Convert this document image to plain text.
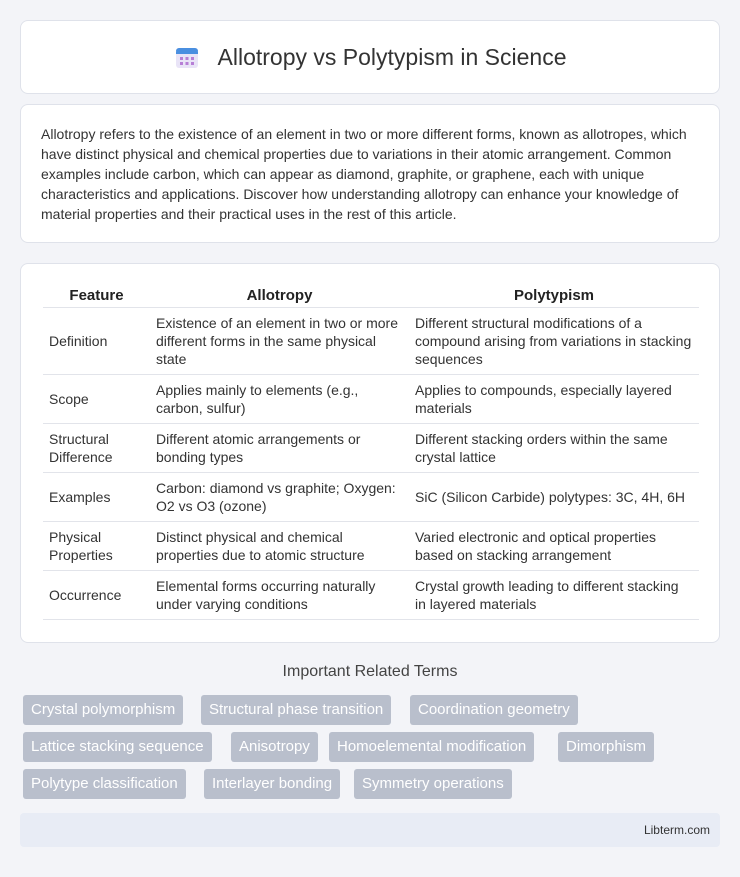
Allotropy vs Polytypism in Science

Allotropy refers to the existence of an element in two or more different forms, known as allotropes, which have distinct physical and chemical properties due to variations in their atomic arrangement. Common examples include carbon, which can appear as diamond, graphite, or graphene, each with unique characteristics and applications. Discover how understanding allotropy can enhance your knowledge of material properties and their practical uses in the rest of this article.

Feature	Allotropy	Polytypism
Definition	Existence of an element in two or more different forms in the same physical state	Different structural modifications of a compound arising from variations in stacking sequences
Scope	Applies mainly to elements (e.g., carbon, sulfur)	Applies to compounds, especially layered materials
Structural Difference	Different atomic arrangements or bonding types	Different stacking orders within the same crystal lattice
Examples	Carbon: diamond vs graphite; Oxygen: O2 vs O3 (ozone)	SiC (Silicon Carbide) polytypes: 3C, 4H, 6H
Physical Properties	Distinct physical and chemical properties due to atomic structure	Varied electronic and optical properties based on stacking arrangement
Occurrence	Elemental forms occurring naturally under varying conditions	Crystal growth leading to different stacking in layered materials
Important Related Terms
Crystal polymorphism	Structural phase transition	Coordination geometry
Lattice stacking sequence	Anisotropy	Homoelemental modification	Dimorphism
Polytype classification	Interlayer bonding	Symmetry operations
Libterm.com
